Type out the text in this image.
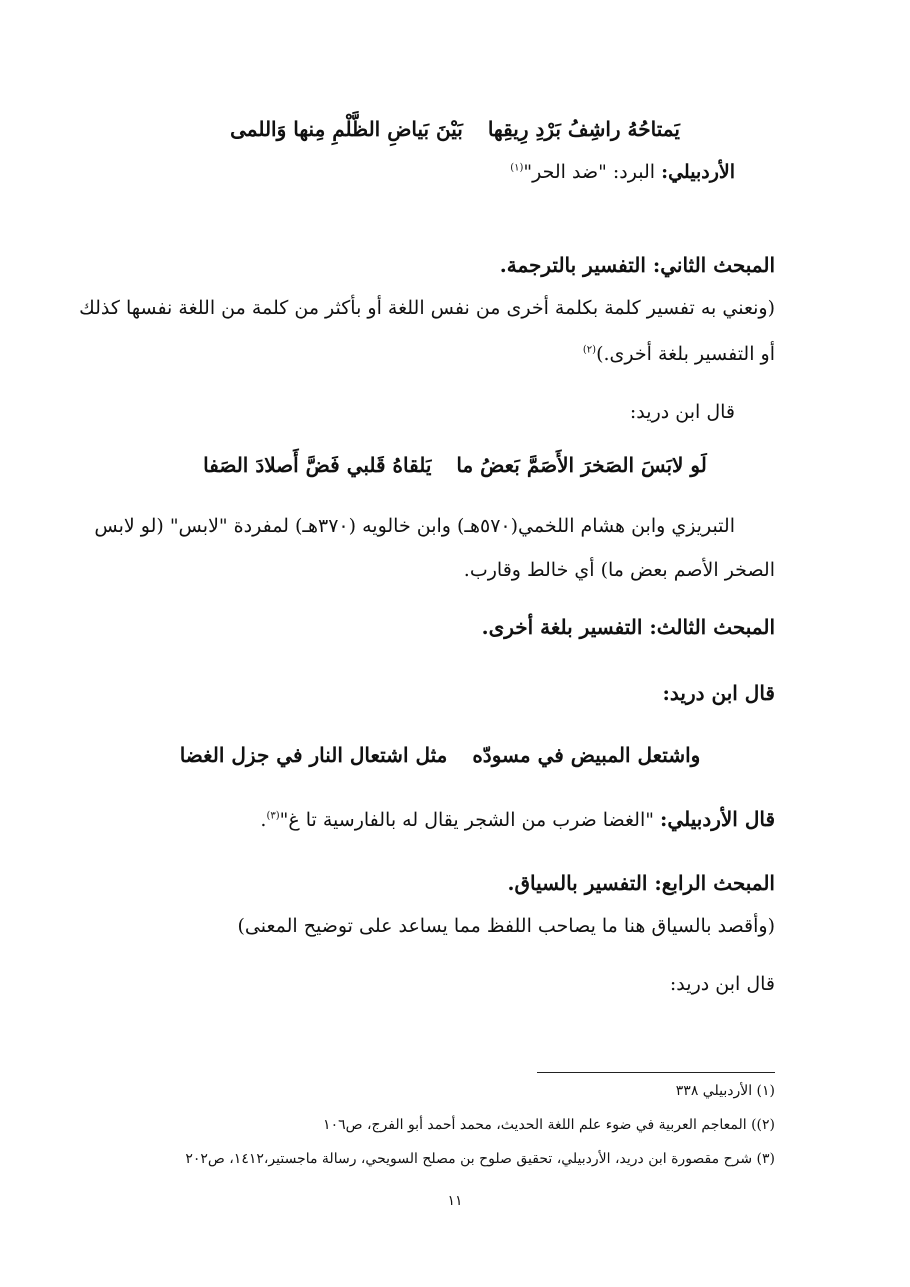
يَمتاحُهُ راشِفُ بَرْدِ رِيقِها بَيْنَ بَياضِ الظَّلْمِ مِنها وَاللمى
الأردبيلي: البرد: "ضد الحر"$^{(١)}$
المبحث الثاني: التفسير بالترجمة.
(ونعني به تفسير كلمة بكلمة أخرى من نفس اللغة أو بأكثر من كلمة من اللغة نفسها كذلك
أو التفسير بلغة أخرى.)$^{(٢)}$
قال ابن دريد:
لَو لابَسَ الصَخرَ الأَصَمَّ بَعضُ ما يَلقاهُ قَلبي فَضَّ أَصلادَ الصَفا
التبريزي وابن هشام اللخمي(٥٧٠هـ) وابن خالويه (٣٧٠هـ) لمفردة "لابس" (لو لابس
الصخر الأصم بعض ما) أي خالط وقارب.
المبحث الثالث: التفسير بلغة أخرى.
قال ابن دريد:
واشتعل المبيض في مسودّه مثل اشتعال النار في جزل الغضا
قال الأردبيلي: "الغضا ضرب من الشجر يقال له بالفارسية تا غ"$^{(٣)}$.
المبحث الرابع: التفسير بالسياق.
(وأقصد بالسياق هنا ما يصاحب اللفظ مما يساعد على توضيح المعنى)
قال ابن دريد:
(١) الأردبيلي ٣٣٨
(٢)) المعاجم العربية في ضوء علم اللغة الحديث، محمد أحمد أبو الفرج، ص١٠٦
(٣) شرح مقصورة ابن دريد، الأردبيلي، تحقيق صلوح بن مصلح السويحي، رسالة ماجستير،١٤١٢، ص٢٠٢
١١
